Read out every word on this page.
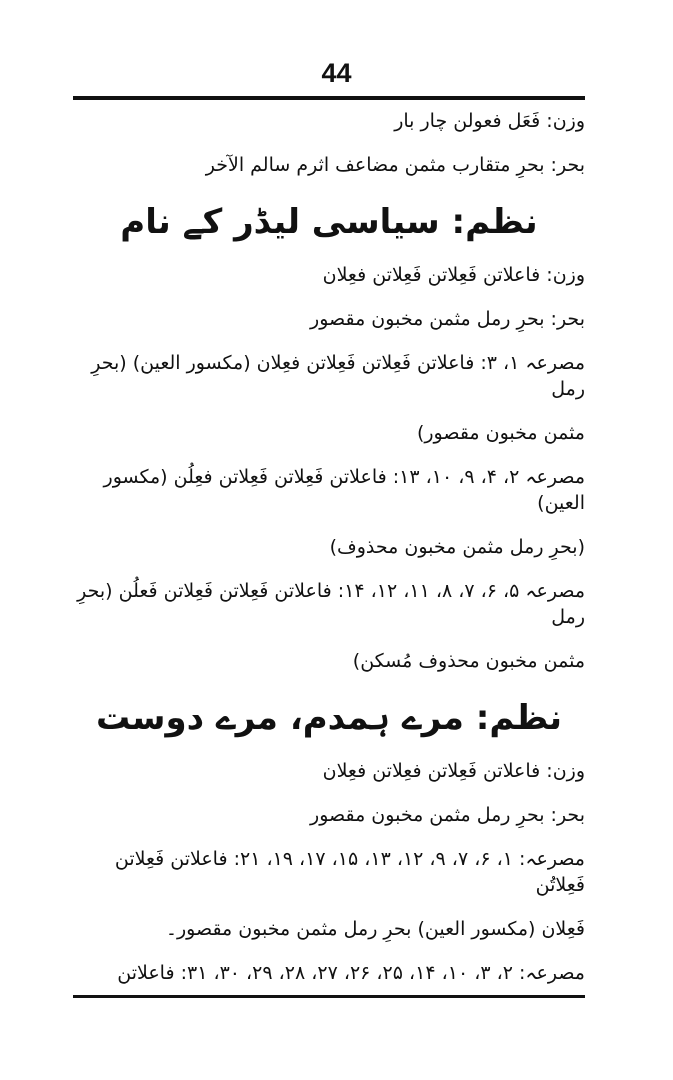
44
وزن: فَعَل فعولن چار بار
بحر: بحرِ متقارب مثمن مضاعف اثرم سالم الآخر
نظم: سیاسی لیڈر کے نام
وزن: فاعلاتن فَعِلاتن فَعِلاتن فعِلان
بحر: بحرِ رمل مثمن مخبون مقصور
مصرعہ ۱، ۳: فاعلاتن فَعِلاتن فَعِلاتن فعِلان (مکسور العین) (بحرِ رمل
مثمن مخبون مقصور)
مصرعہ ۲، ۴، ۹، ۱۰، ۱۳: فاعلاتن فَعِلاتن فَعِلاتن فعِلُن (مکسور العین)
(بحرِ رمل مثمن مخبون محذوف)
مصرعہ ۵، ۶، ۷، ۸، ۱۱، ۱۲، ۱۴: فاعلاتن فَعِلاتن فَعِلاتن فَعلُن (بحرِ رمل
مثمن مخبون محذوف مُسکن)
نظم: مرے ہمدم، مرے دوست
وزن: فاعلاتن فَعِلاتن فعِلاتن فعِلان
بحر: بحرِ رمل مثمن مخبون مقصور
مصرعہ: ۱، ۶، ۷، ۹، ۱۲، ۱۳، ۱۵، ۱۷، ۱۹، ۲۱: فاعلاتن فَعِلاتن فَعِلاتُن
فَعِلان (مکسور العین) بحرِ رمل مثمن مخبون مقصور۔
مصرعہ: ۲، ۳، ۱۰، ۱۴، ۲۵، ۲۶، ۲۷، ۲۸، ۲۹، ۳۰، ۳۱: فاعلاتن
